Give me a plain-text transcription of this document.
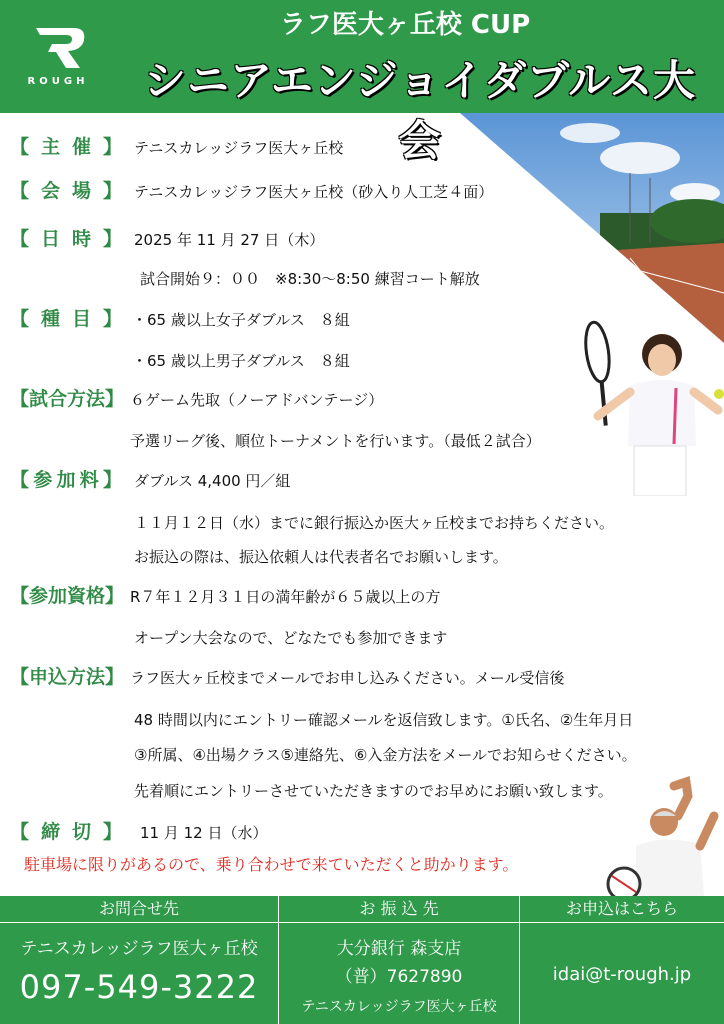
ROUGH
ラフ医大ヶ丘校 CUP
シニアエンジョイダブルス大会
【 主 催 】 テニスカレッジラフ医大ヶ丘校
【 会 場 】 テニスカレッジラフ医大ヶ丘校（砂入り人工芝４面）
【 日 時 】 2025 年 11 月 27 日（木）
試合開始９：００　※8:30～8:50 練習コート解放
【 種 目 】 ・65 歳以上女子ダブルス　８組
・65 歳以上男子ダブルス　８組
【 試合方法 】 ６ゲーム先取（ノーアドバンテージ）
予選リーグ後、順位トーナメントを行います。（最低２試合）
【 参 加 料 】 ダブルス 4,400 円／組
１１月１２日（水）までに銀行振込か医大ヶ丘校までお持ちください。
お振込の際は、振込依頼人は代表者名でお願いします。
【 参加資格 】 R７年１２月３１日の満年齢が６５歳以上の方
オープン大会なので、どなたでも参加できます
【 申込方法 】 ラフ医大ヶ丘校までメールでお申し込みください。メール受信後
48 時間以内にエントリー確認メールを返信致します。①氏名、②生年月日
③所属、④出場クラス⑤連絡先、⑥入金方法をメールでお知らせください。
先着順にエントリーさせていただきますのでお早めにお願い致します。
【 締 切 】 11 月 12 日（水）
駐車場に限りがあるので、乗り合わせで来ていただくと助かります。
お問合せ先
テニスカレッジラフ医大ヶ丘校
097-549-3222
お 振 込 先
大分銀行 森支店
（普）7627890
テニスカレッジラフ医大ヶ丘校
お申込はこちら
idai@t-rough.jp
